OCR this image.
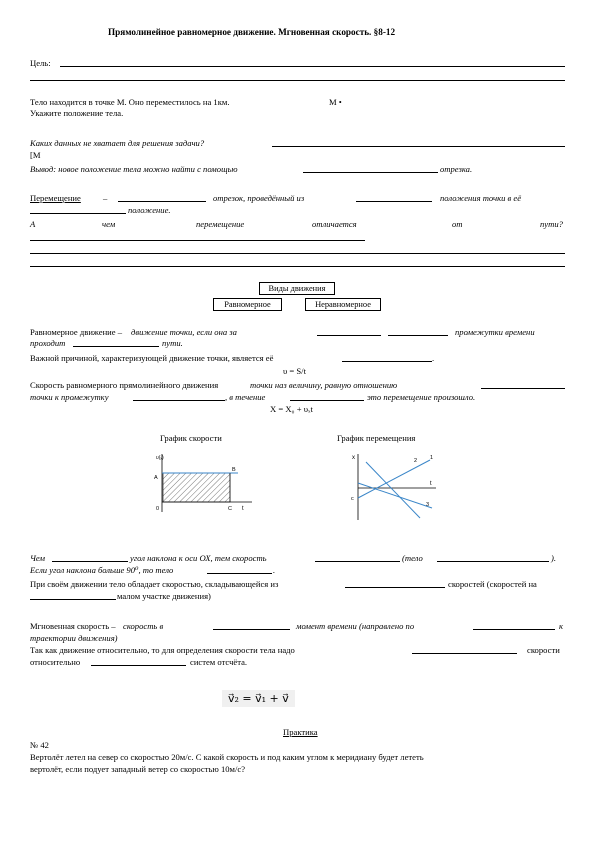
Прямолинейное равномерное движение. Мгновенная скорость. §8-12
Цель:
Тело находится в точке М. Оно переместилось на 1км.	M •
Укажите положение тела.
Каких данных не хватает для решения задачи?
[M
Вывод: новое положение тела можно найти с помощью	отрезка.
Перемещение	–	отрезок, проведённый из	положения точки в её
положение.
А	чем	перемещение	отличается	от	пути?
Виды движения
Равномерное	Неравномерное
Равномерное движение – движение точки, если она за	промежутки времени
проходит	пути.
Важной причиной, характеризующей движение точки, является её	.
υ = S/t
Скорость равномерного прямолинейного движения	точки наз величину, равную отношению
точки к промежутку	, в течение	это перемещение произошло.
X = X₀ + υₓt
График скорости	График перемещения
υ(ₓ)
A
B
0	C t
x
t
1
2
3
c
Чем	угол наклона к оси ОХ, тем скорость	(тело	).
Если угол наклона больше 90⁰, то тело	.
При своём движении тело обладает скоростью, складывающейся из	скоростей (скоростей на
малом участке движения)
Мгновенная скорость – скорость в	момент времени (направлено по	к
траектории движения)
Так как движение относительно, то для определения скорости тела надо	скорости
относительно	систем отсчёта.
v⃗₂ = v⃗₁ + v⃗
Практика
№ 42
Вертолёт летел на север со скоростью 20м/с. С какой скорость и под каким углом к меридиану будет лететь
вертолёт, если подует западный ветер со скоростью 10м/с?
